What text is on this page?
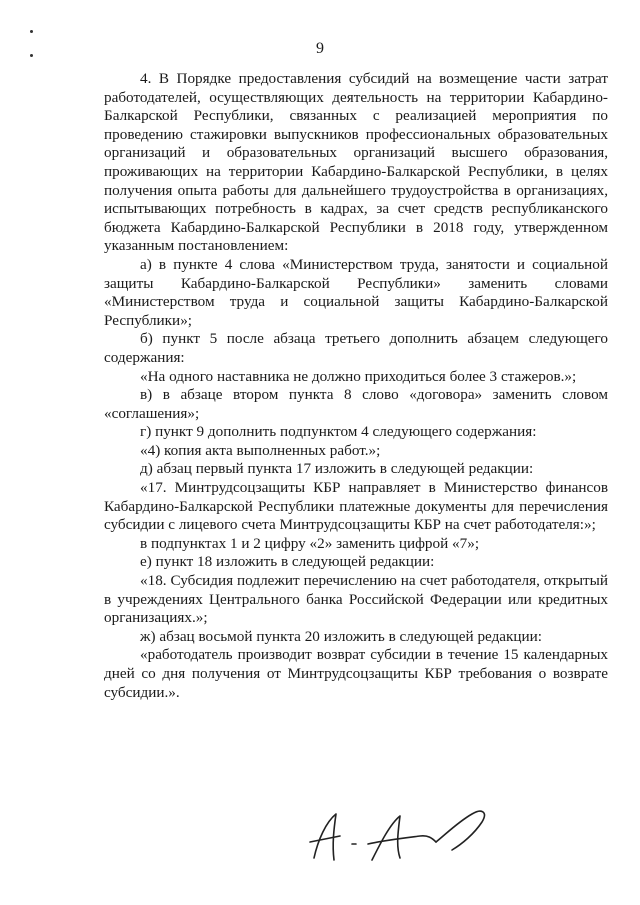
9

4. В Порядке предоставления субсидий на возмещение части затрат работодателей, осуществляющих деятельность на территории Кабардино-Балкарской Республики, связанных с реализацией мероприятия по проведению стажировки выпускников профессиональных образовательных организаций и образовательных организаций высшего образования, проживающих на территории Кабардино-Балкарской Республики, в целях получения опыта работы для дальнейшего трудоустройства в организациях, испытывающих потребность в кадрах, за счет средств республиканского бюджета Кабардино-Балкарской Республики в 2018 году, утвержденном указанным постановлением:

а) в пункте 4 слова «Министерством труда, занятости и социальной защиты Кабардино-Балкарской Республики» заменить словами «Министерством труда и социальной защиты Кабардино-Балкарской Республики»;

б) пункт 5 после абзаца третьего дополнить абзацем следующего содержания:

«На одного наставника не должно приходиться более 3 стажеров.»;

в) в абзаце втором пункта 8 слово «договора» заменить словом «соглашения»;

г) пункт 9 дополнить подпунктом 4 следующего содержания:

«4) копия акта выполненных работ.»;

д) абзац первый пункта 17 изложить в следующей редакции:

«17. Минтрудсоцзащиты КБР направляет в Министерство финансов Кабардино-Балкарской Республики платежные документы для перечисления субсидии с лицевого счета Минтрудсоцзащиты КБР на счет работодателя:»;

в подпунктах 1 и 2 цифру «2» заменить цифрой «7»;

е) пункт 18 изложить в следующей редакции:

«18. Субсидия подлежит перечислению на счет работодателя, открытый в учреждениях Центрального банка Российской Федерации или кредитных организациях.»;

ж) абзац восьмой пункта 20 изложить в следующей редакции:

«работодатель производит возврат субсидии в течение 15 календарных дней со дня получения от Минтрудсоцзащиты КБР требования о возврате субсидии.».
